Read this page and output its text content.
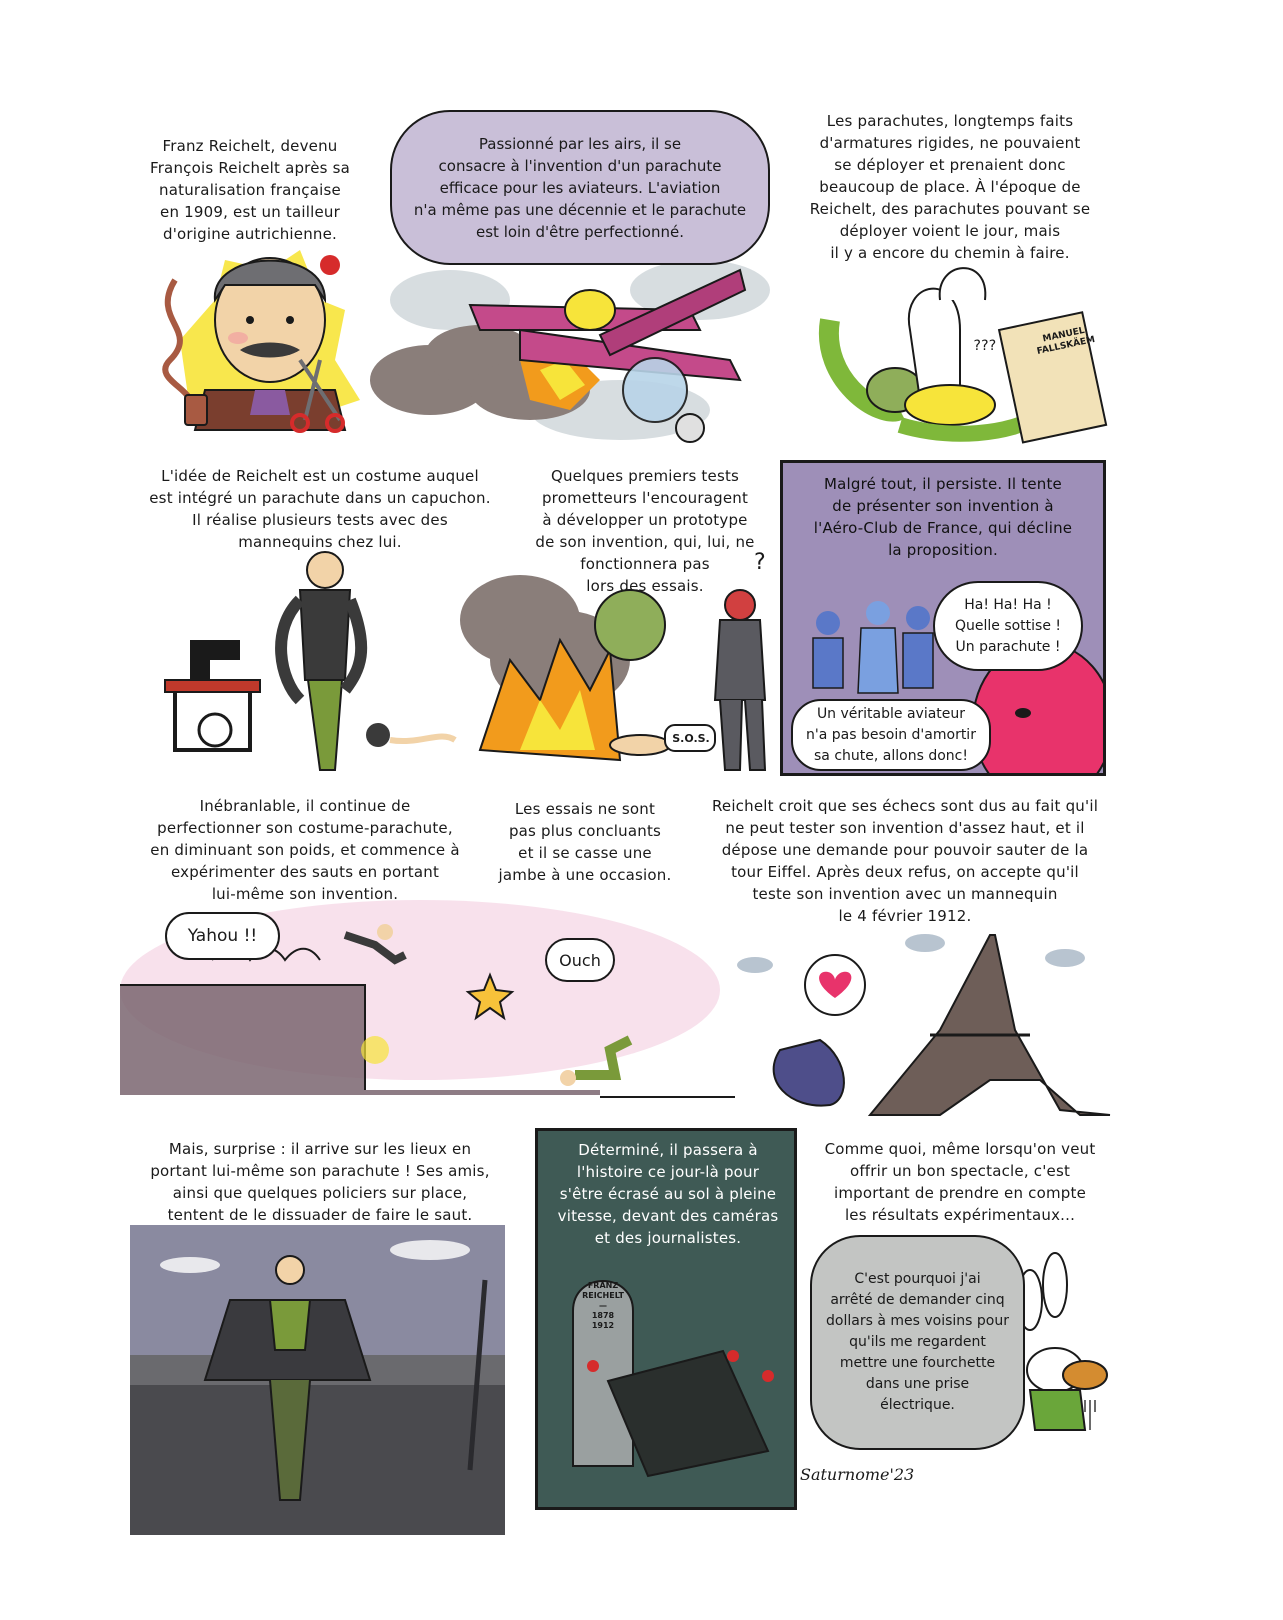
Franz Reichelt, devenu
François Reichelt après sa
naturalisation française
en 1909, est un tailleur
d'origine autrichienne.
Passionné par les airs, il se
consacre à l'invention d'un parachute
efficace pour les aviateurs. L'aviation
n'a même pas une décennie et le parachute
est loin d'être perfectionné.
Les parachutes, longtemps faits
d'armatures rigides, ne pouvaient
se déployer et prenaient donc
beaucoup de place. À l'époque de
Reichelt, des parachutes pouvant se
déployer voient le jour, mais
il y a encore du chemin à faire.
MANUEL
FALLSKÄEM
???
L'idée de Reichelt est un costume auquel
est intégré un parachute dans un capuchon.
Il réalise plusieurs tests avec des
mannequins chez lui.
Quelques premiers tests
prometteurs l'encouragent
à développer un prototype
de son invention, qui, lui, ne
fonctionnera pas
lors des essais.
S.O.S.
?
Malgré tout, il persiste. Il tente
de présenter son invention à
l'Aéro-Club de France, qui décline
la proposition.
Ha! Ha! Ha !
Quelle sottise !
Un parachute !
Un véritable aviateur
n'a pas besoin d'amortir
sa chute, allons donc!
Inébranlable, il continue de
perfectionner son costume-parachute,
en diminuant son poids, et commence à
expérimenter des sauts en portant
lui-même son invention.
Les essais ne sont
pas plus concluants
et il se casse une
jambe à une occasion.
Reichelt croit que ses échecs sont dus au fait qu'il
ne peut tester son invention d'assez haut, et il
dépose une demande pour pouvoir sauter de la
tour Eiffel. Après deux refus, on accepte qu'il
teste son invention avec un mannequin
le 4 février 1912.
Yahou !!
Ouch
Mais, surprise : il arrive sur les lieux en
portant lui-même son parachute ! Ses amis,
ainsi que quelques policiers sur place,
tentent de le dissuader de faire le saut.
Déterminé, il passera à
l'histoire ce jour-là pour
s'être écrasé au sol à pleine
vitesse, devant des caméras
et des journalistes.
FRANZ
REICHELT
—
1878
1912
Comme quoi, même lorsqu'on veut
offrir un bon spectacle, c'est
important de prendre en compte
les résultats expérimentaux...
C'est pourquoi j'ai
arrêté de demander cinq
dollars à mes voisins pour
qu'ils me regardent
mettre une fourchette
dans une prise
électrique.
Saturnome'23
